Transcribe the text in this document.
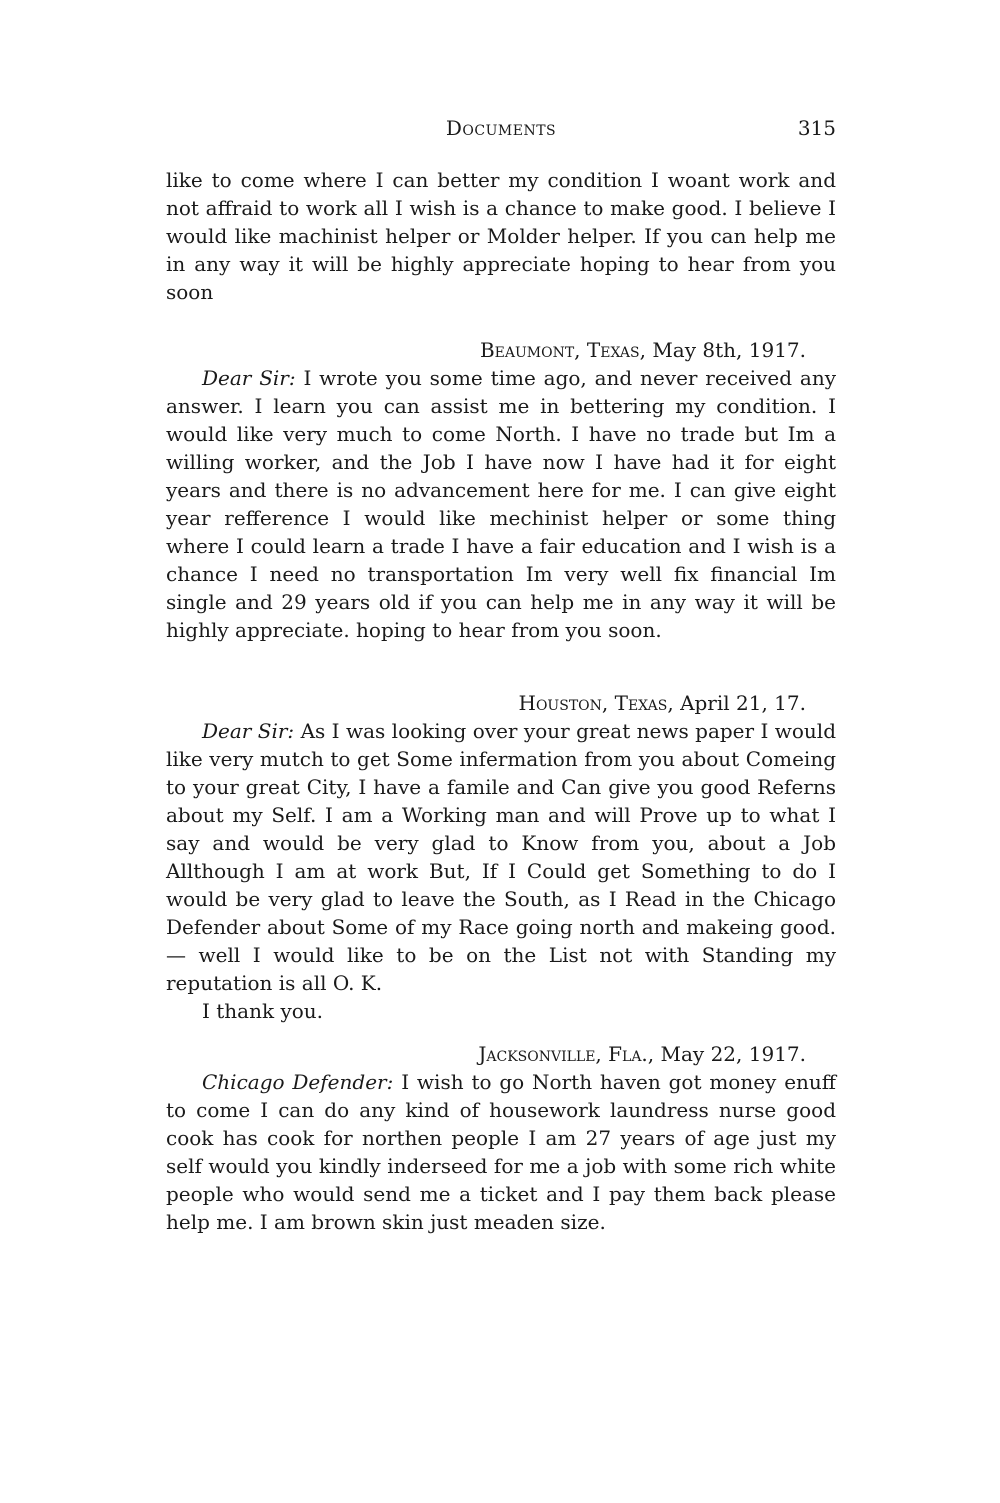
Documents	315

like to come where I can better my condition I woant work and not affraid to work all I wish is a chance to make good. I believe I would like machinist helper or Molder helper. If you can help me in any way it will be highly appreciate hoping to hear from you soon

Beaumont, Texas, May 8th, 1917.

Dear Sir: I wrote you some time ago, and never received any answer. I learn you can assist me in bettering my condition. I would like very much to come North. I have no trade but Im a willing worker, and the Job I have now I have had it for eight years and there is no advancement here for me. I can give eight year refference I would like mechinist helper or some thing where I could learn a trade I have a fair education and I wish is a chance I need no transportation Im very well fix financial Im single and 29 years old if you can help me in any way it will be highly appreciate. hoping to hear from you soon.

Houston, Texas, April 21, 17.

Dear Sir: As I was looking over your great news paper I would like very mutch to get Some infermation from you about Comeing to your great City, I have a famile and Can give you good Referns about my Self. I am a Working man and will Prove up to what I say and would be very glad to Know from you, about a Job Allthough I am at work But, If I Could get Something to do I would be very glad to leave the South, as I Read in the Chicago Defender about Some of my Race going north and makeing good.— well I would like to be on the List not with Standing my reputation is all O. K.

I thank you.

Jacksonville, Fla., May 22, 1917.

Chicago Defender: I wish to go North haven got money enuff to come I can do any kind of housework laundress nurse good cook has cook for northen people I am 27 years of age just my self would you kindly inderseed for me a job with some rich white people who would send me a ticket and I pay them back please help me. I am brown skin just meaden size.
